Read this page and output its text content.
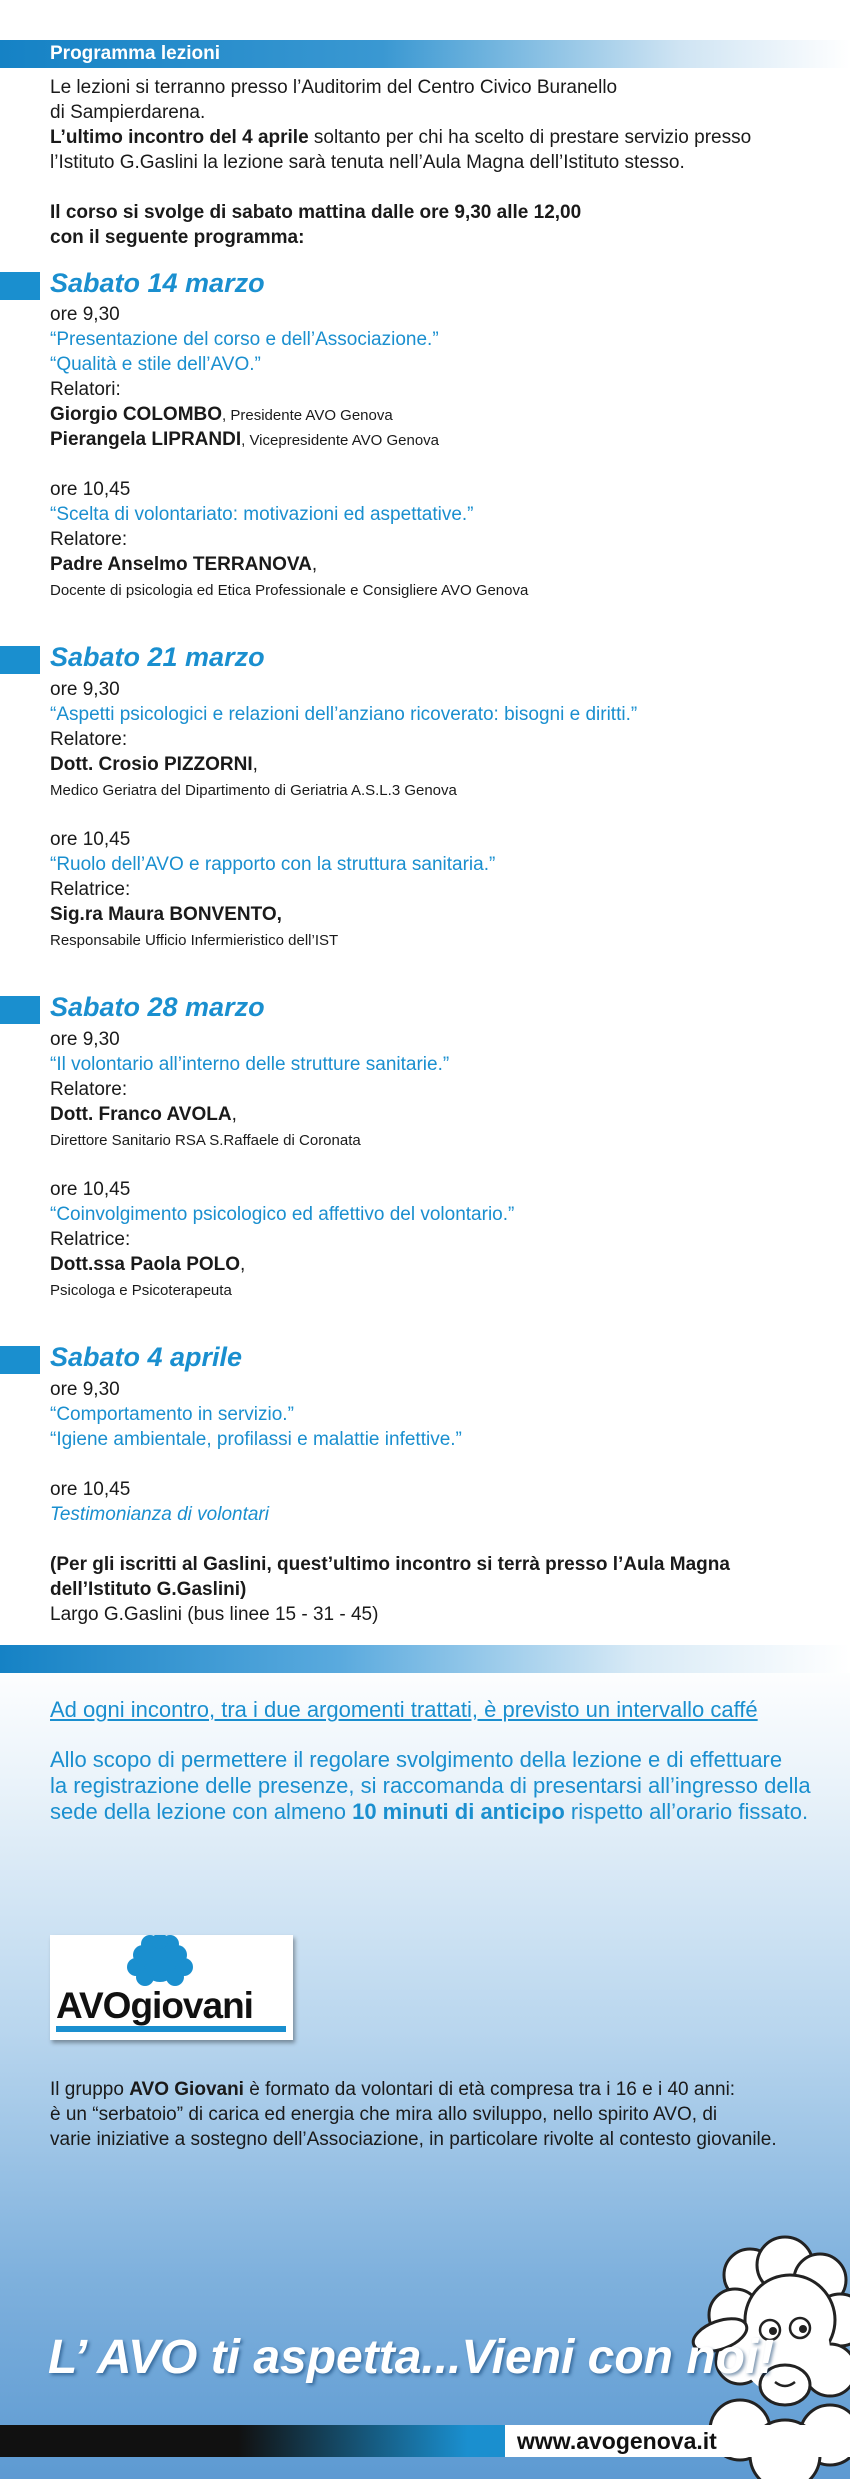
Programma lezioni
Le lezioni si terranno presso l’Auditorim del Centro Civico Buranello
di Sampierdarena.
L’ultimo incontro del 4 aprile soltanto per chi ha scelto di prestare servizio presso
l’Istituto G.Gaslini la lezione sarà tenuta nell’Aula Magna dell’Istituto stesso.
Il corso si svolge di sabato mattina dalle ore 9,30 alle 12,00
con il seguente programma:
Sabato 14 marzo
ore 9,30
“Presentazione del corso e dell’Associazione.”
“Qualità e stile dell’AVO.”
Relatori:
Giorgio COLOMBO, Presidente AVO Genova
Pierangela LIPRANDI, Vicepresidente AVO Genova
ore 10,45
“Scelta di volontariato: motivazioni ed aspettative.”
Relatore:
Padre Anselmo TERRANOVA,
Docente di psicologia ed Etica Professionale e Consigliere AVO Genova
Sabato 21 marzo
ore 9,30
“Aspetti psicologici e relazioni dell’anziano ricoverato: bisogni e diritti.”
Relatore:
Dott. Crosio PIZZORNI,
Medico Geriatra del Dipartimento di Geriatria A.S.L.3 Genova
ore 10,45
“Ruolo dell’AVO e rapporto con la struttura sanitaria.”
Relatrice:
Sig.ra Maura BONVENTO,
Responsabile Ufficio Infermieristico dell’IST
Sabato 28 marzo
ore 9,30
“Il volontario all’interno delle strutture sanitarie.”
Relatore:
Dott. Franco AVOLA,
Direttore Sanitario RSA S.Raffaele di Coronata
ore 10,45
“Coinvolgimento psicologico ed affettivo del volontario.”
Relatrice:
Dott.ssa Paola POLO,
Psicologa e Psicoterapeuta
Sabato 4 aprile
ore 9,30
“Comportamento in servizio.”
“Igiene ambientale, profilassi e malattie infettive.”
ore 10,45
Testimonianza di volontari
(Per gli iscritti al Gaslini, quest’ultimo incontro si terrà presso l’Aula Magna
dell’Istituto G.Gaslini)
Largo G.Gaslini (bus linee 15 - 31 - 45)
Ad ogni incontro, tra i due argomenti trattati, è previsto un intervallo caffé
Allo scopo di permettere il regolare svolgimento della lezione e di effettuare
la registrazione delle presenze, si raccomanda di presentarsi all’ingresso della
sede della lezione con almeno 10 minuti di anticipo rispetto all’orario fissato.
AVOgiovani
Il gruppo AVO Giovani è formato da volontari di età compresa tra i 16 e i 40 anni:
è un “serbatoio” di carica ed energia che mira allo sviluppo, nello spirito AVO, di
varie iniziative a sostegno dell’Associazione, in particolare rivolte al contesto giovanile.
L’ AVO ti aspetta...Vieni con noi!
www.avogenova.it
